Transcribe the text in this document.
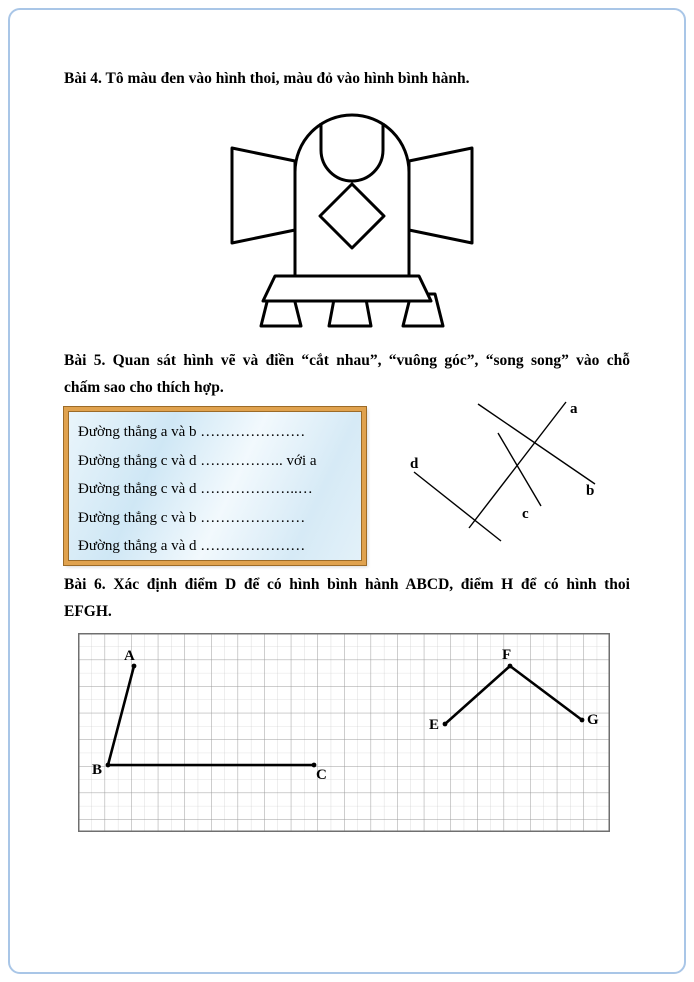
Bài 4. Tô màu đen vào hình thoi, màu đỏ vào hình bình hành.
Bài 5. Quan sát hình vẽ và điền “cắt nhau”, “vuông góc”, “song song” vào chỗ
chấm sao cho thích hợp.
Đường thẳng a và b …………………
Đường thẳng c và d …………….. với a
Đường thẳng c và d ………………..…
Đường thẳng c và b …………………
Đường thẳng a và d …………………
a
b
c
d
Bài 6. Xác định điểm D để có hình bình hành ABCD, điểm H để có hình thoi
EFGH.
A
B	C
E
F
G
